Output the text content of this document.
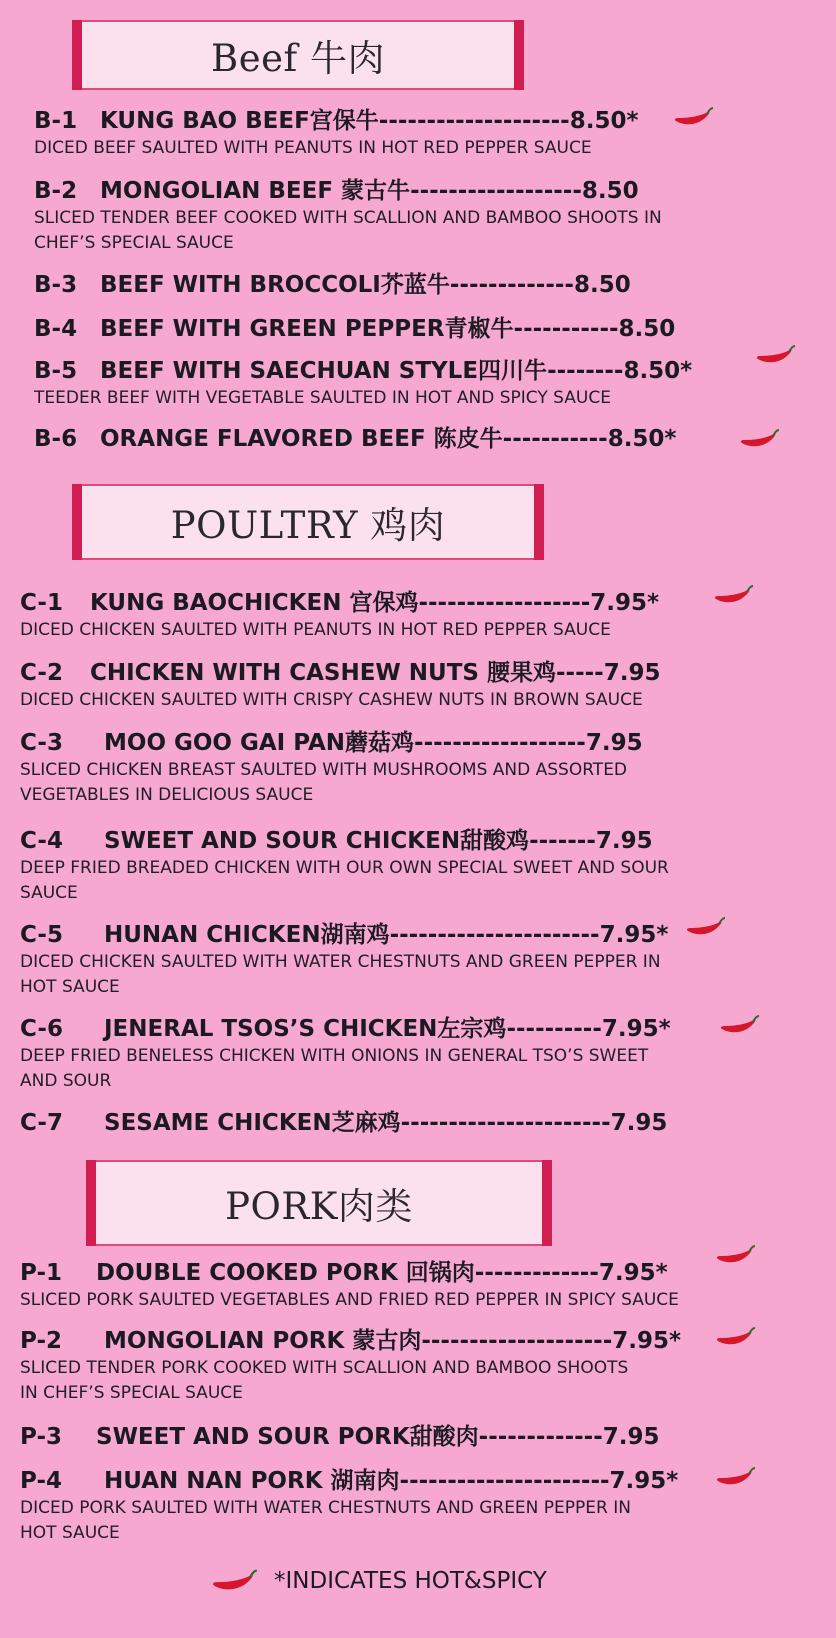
Beef 牛肉
B-1 KUNG BAO BEEF宫保牛 -------------------- 8.50*
DICED BEEF SAULTED WITH PEANUTS IN HOT RED PEPPER SAUCE
B-2 MONGOLIAN BEEF 蒙古牛 ------------------ 8.50
SLICED TENDER BEEF COOKED WITH SCALLION AND BAMBOO SHOOTS IN
CHEF’S SPECIAL SAUCE
B-3 BEEF WITH BROCCOLI芥蓝牛 ------------- 8.50
B-4 BEEF WITH GREEN PEPPER青椒牛 ----------- 8.50
B-5 BEEF WITH SAECHUAN STYLE四川牛 -------- 8.50*
TEEDER BEEF WITH VEGETABLE SAULTED IN HOT AND SPICY SAUCE
B-6 ORANGE FLAVORED BEEF 陈皮牛 ----------- 8.50*
POULTRY 鸡肉
C-1	KUNG BAOCHICKEN 宫保鸡 ------------------ 7.95*
DICED CHICKEN SAULTED WITH PEANUTS IN HOT RED PEPPER SAUCE
C-2	CHICKEN WITH CASHEW NUTS 腰果鸡 ----- 7.95
DICED CHICKEN SAULTED WITH CRISPY CASHEW NUTS IN BROWN SAUCE
C-3	MOO GOO GAI PAN蘑菇鸡 ------------------ 7.95
SLICED CHICKEN BREAST SAULTED WITH MUSHROOMS AND ASSORTED
VEGETABLES IN DELICIOUS SAUCE
C-4	SWEET AND SOUR CHICKEN甜酸鸡 ------- 7.95
DEEP FRIED BREADED CHICKEN WITH OUR OWN SPECIAL SWEET AND SOUR
SAUCE
C-5	HUNAN CHICKEN湖南鸡 ---------------------- 7.95*
DICED CHICKEN SAULTED WITH WATER CHESTNUTS AND GREEN PEPPER IN
HOT SAUCE
C-6	JENERAL TSOS’S CHICKEN左宗鸡 ---------- 7.95*
DEEP FRIED BENELESS CHICKEN WITH ONIONS IN GENERAL TSO’S SWEET
AND SOUR
C-7	SESAME CHICKEN芝麻鸡 ---------------------- 7.95
PORK肉类
P-1	DOUBLE COOKED PORK 回锅肉 ------------- 7.95*
SLICED PORK SAULTED VEGETABLES AND FRIED RED PEPPER IN SPICY SAUCE
P-2	MONGOLIAN PORK 蒙古肉 -------------------- 7.95*
SLICED TENDER PORK COOKED WITH SCALLION AND BAMBOO SHOOTS
IN CHEF’S SPECIAL SAUCE
P-3	SWEET AND SOUR PORK甜酸肉 ------------- 7.95
P-4	HUAN NAN PORK 湖南肉 ---------------------- 7.95*
DICED PORK SAULTED WITH WATER CHESTNUTS AND GREEN PEPPER IN
HOT SAUCE
*INDICATES HOT&SPICY
